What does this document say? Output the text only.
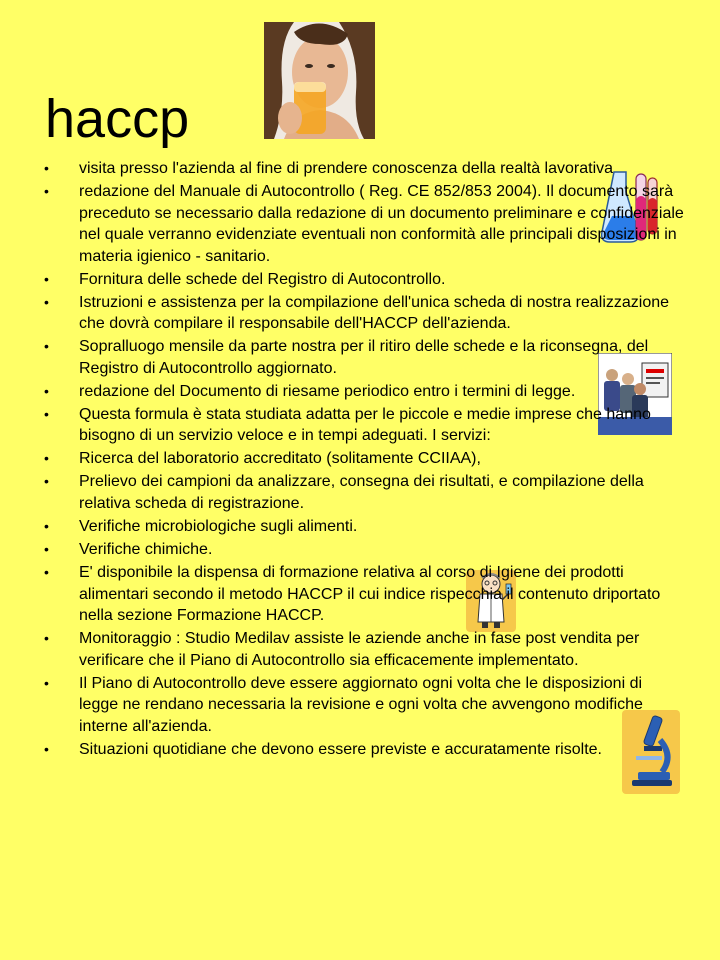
haccp
•	visita presso l'azienda al fine di prendere conoscenza della realtà lavorativa
•	redazione del Manuale di Autocontrollo ( Reg. CE 852/853 2004). Il documento sarà preceduto se necessario dalla redazione di un documento preliminare e confidenziale nel quale verranno evidenziate eventuali non conformità alle principali disposizioni in materia igienico - sanitario.
•	Fornitura delle schede del Registro di Autocontrollo.
•	Istruzioni e assistenza per la compilazione dell'unica scheda di nostra realizzazione che dovrà compilare il responsabile dell'HACCP dell'azienda.
•	Sopralluogo mensile da parte nostra per il ritiro delle schede e la riconsegna, del Registro di Autocontrollo aggiornato.
•	redazione del Documento di riesame periodico entro i termini di legge.
•	Questa formula è stata studiata adatta per le piccole e medie imprese che hanno bisogno di un servizio veloce e in tempi adeguati. I servizi:
•	Ricerca del laboratorio accreditato (solitamente CCIIAA),
•	Prelievo dei campioni da analizzare, consegna dei risultati, e compilazione della relativa scheda di registrazione.
•	Verifiche microbiologiche sugli alimenti.
•	Verifiche chimiche.
•	E' disponibile la dispensa di formazione relativa al corso di Igiene dei prodotti alimentari secondo il metodo HACCP il cui indice rispecchia il contenuto driportato nella sezione Formazione HACCP.
•	Monitoraggio : Studio Medilav assiste le aziende anche in fase post vendita per verificare che il Piano di Autocontrollo sia efficacemente implementato.
•	Il Piano di Autocontrollo deve essere aggiornato ogni volta che le disposizioni di legge ne rendano necessaria la revisione e ogni volta che avvengono modifiche interne all'azienda.
•	Situazioni quotidiane che devono essere previste e accuratamente risolte.
